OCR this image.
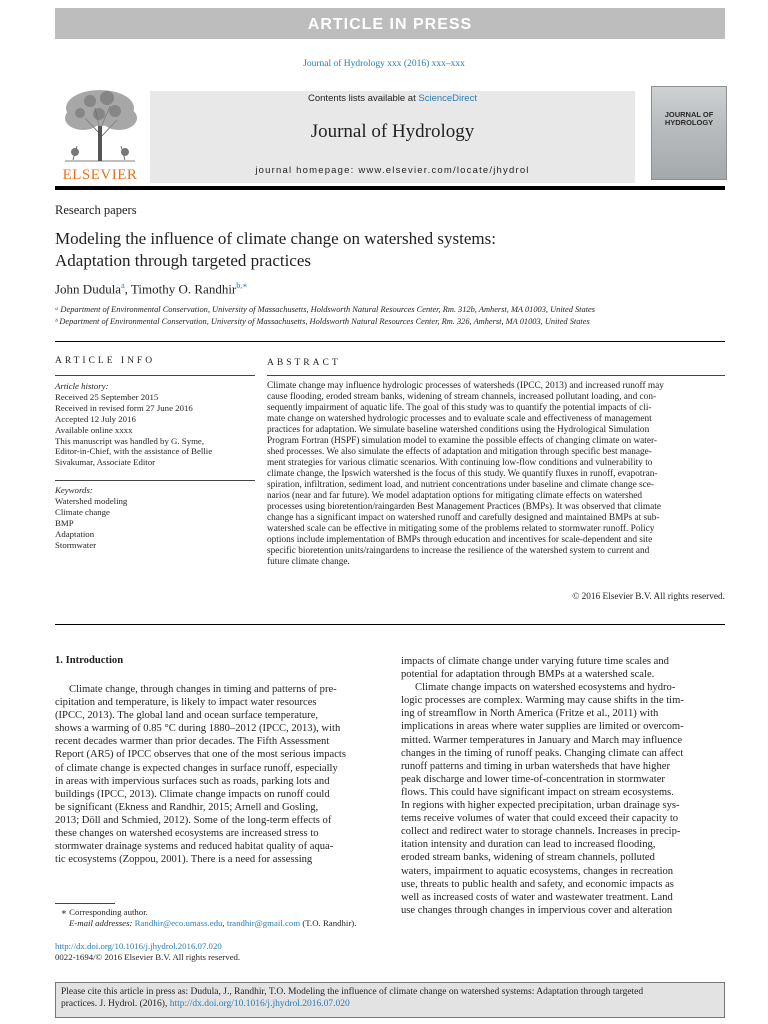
ARTICLE IN PRESS
Journal of Hydrology xxx (2016) xxx–xxx
ELSEVIER
Contents lists available at ScienceDirect
Journal of Hydrology
journal homepage: www.elsevier.com/locate/jhydrol
JOURNAL OF HYDROLOGY
Research papers
Modeling the influence of climate change on watershed systems:
Adaptation through targeted practices
John Dudula$^a$, Timothy O. Randhir$^{b,∗}$
ᵃ Department of Environmental Conservation, University of Massachusetts, Holdsworth Natural Resources Center, Rm. 312b, Amherst, MA 01003, United States
ᵇ Department of Environmental Conservation, University of Massachusetts, Holdsworth Natural Resources Center, Rm. 326, Amherst, MA 01003, United States
ARTICLE INFO
Article history:
Received 25 September 2015
Received in revised form 27 June 2016
Accepted 12 July 2016
Available online xxxx
This manuscript was handled by G. Syme,
Editor-in-Chief, with the assistance of Bellie
Sivakumar, Associate Editor
Keywords:
Watershed modeling
Climate change
BMP
Adaptation
Stormwater
ABSTRACT
Climate change may influence hydrologic processes of watersheds (IPCC, 2013) and increased runoff may
cause flooding, eroded stream banks, widening of stream channels, increased pollutant loading, and con-
sequently impairment of aquatic life. The goal of this study was to quantify the potential impacts of cli-
mate change on watershed hydrologic processes and to evaluate scale and effectiveness of management
practices for adaptation. We simulate baseline watershed conditions using the Hydrological Simulation
Program Fortran (HSPF) simulation model to examine the possible effects of changing climate on water-
shed processes. We also simulate the effects of adaptation and mitigation through specific best manage-
ment strategies for various climatic scenarios. With continuing low-flow conditions and vulnerability to
climate change, the Ipswich watershed is the focus of this study. We quantify fluxes in runoff, evapotran-
spiration, infiltration, sediment load, and nutrient concentrations under baseline and climate change sce-
narios (near and far future). We model adaptation options for mitigating climate effects on watershed
processes using bioretention/raingarden Best Management Practices (BMPs). It was observed that climate
change has a significant impact on watershed runoff and carefully designed and maintained BMPs at sub-
watershed scale can be effective in mitigating some of the problems related to stormwater runoff. Policy
options include implementation of BMPs through education and incentives for scale-dependent and site
specific bioretention units/raingardens to increase the resilience of the watershed system to current and
future climate change.
© 2016 Elsevier B.V. All rights reserved.
1. Introduction
Climate change, through changes in timing and patterns of pre-
cipitation and temperature, is likely to impact water resources
(IPCC, 2013). The global land and ocean surface temperature,
shows a warming of 0.85 °C during 1880–2012 (IPCC, 2013), with
recent decades warmer than prior decades. The Fifth Assessment
Report (AR5) of IPCC observes that one of the most serious impacts
of climate change is expected changes in surface runoff, especially
in areas with impervious surfaces such as roads, parking lots and
buildings (IPCC, 2013). Climate change impacts on runoff could
be significant (Ekness and Randhir, 2015; Arnell and Gosling,
2013; Döll and Schmied, 2012). Some of the long-term effects of
these changes on watershed ecosystems are increased stress to
stormwater drainage systems and reduced habitat quality of aqua-
tic ecosystems (Zoppou, 2001). There is a need for assessing
impacts of climate change under varying future time scales and
potential for adaptation through BMPs at a watershed scale.
Climate change impacts on watershed ecosystems and hydro-
logic processes are complex. Warming may cause shifts in the tim-
ing of streamflow in North America (Fritze et al., 2011) with
implications in areas where water supplies are limited or overcom-
mitted. Warmer temperatures in January and March may influence
changes in the timing of runoff peaks. Changing climate can affect
runoff patterns and timing in urban watersheds that have higher
peak discharge and lower time-of-concentration in stormwater
flows. This could have significant impact on stream ecosystems.
In regions with higher expected precipitation, urban drainage sys-
tems receive volumes of water that could exceed their capacity to
collect and redirect water to storage channels. Increases in precip-
itation intensity and duration can lead to increased flooding,
eroded stream banks, widening of stream channels, polluted
waters, impairment to aquatic ecosystems, changes in recreation
use, threats to public health and safety, and economic impacts as
well as increased costs of water and wastewater treatment. Land
use changes through changes in impervious cover and alteration
∗ Corresponding author.
E-mail addresses: Randhir@eco.umass.edu, trandhir@gmail.com (T.O. Randhir).
http://dx.doi.org/10.1016/j.jhydrol.2016.07.020
0022-1694/© 2016 Elsevier B.V. All rights reserved.
Please cite this article in press as: Dudula, J., Randhir, T.O. Modeling the influence of climate change on watershed systems: Adaptation through targeted
practices. J. Hydrol. (2016), http://dx.doi.org/10.1016/j.jhydrol.2016.07.020
